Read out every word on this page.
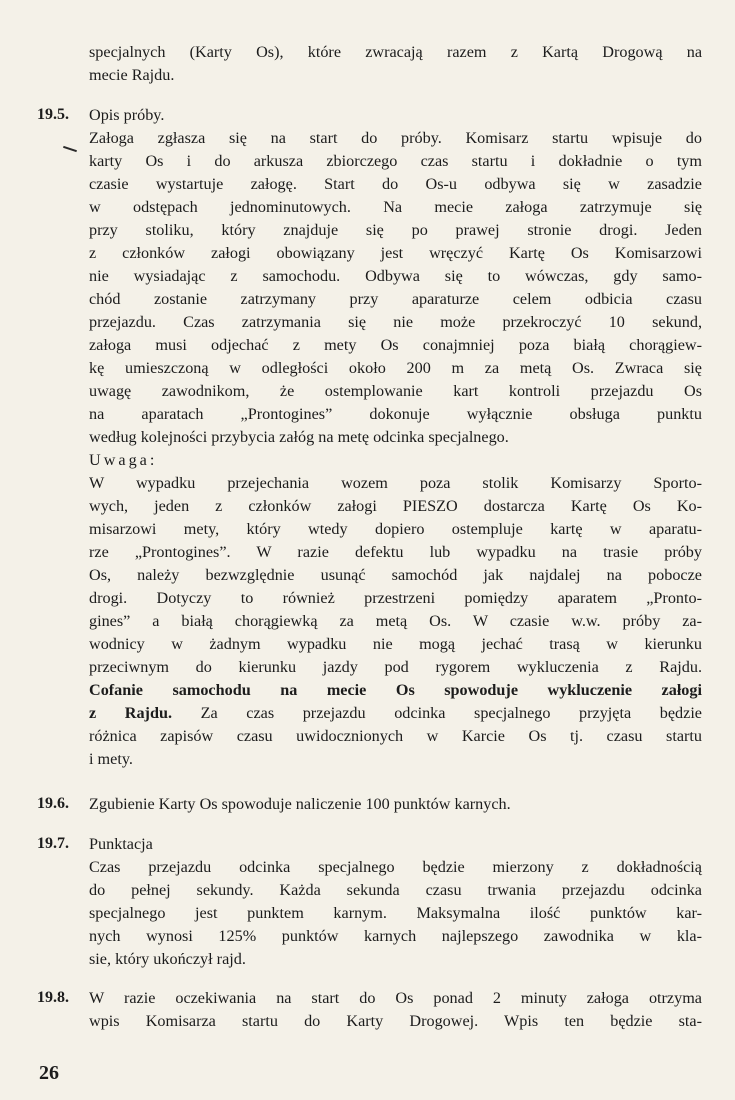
specjalnych (Karty Os), które zwracają razem z Kartą Drogową na
mecie Rajdu.
19.5. Opis próby.
Załoga zgłasza się na start do próby. Komisarz startu wpisuje do
karty Os i do arkusza zbiorczego czas startu i dokładnie o tym
czasie wystartuje załogę. Start do Os-u odbywa się w zasadzie
w odstępach jednominutowych. Na mecie załoga zatrzymuje się
przy stoliku, który znajduje się po prawej stronie drogi. Jeden
z członków załogi obowiązany jest wręczyć Kartę Os Komisarzowi
nie wysiadając z samochodu. Odbywa się to wówczas, gdy samo-
chód zostanie zatrzymany przy aparaturze celem odbicia czasu
przejazdu. Czas zatrzymania się nie może przekroczyć 10 sekund,
załoga musi odjechać z mety Os conajmniej poza białą chorągiew-
kę umieszczoną w odległości około 200 m za metą Os. Zwraca się
uwagę zawodnikom, że ostemplowanie kart kontroli przejazdu Os
na aparatach „Prontogines” dokonuje wyłącznie obsługa punktu
według kolejności przybycia załóg na metę odcinka specjalnego.
Uwaga:
W wypadku przejechania wozem poza stolik Komisarzy Sporto-
wych, jeden z członków załogi PIESZO dostarcza Kartę Os Ko-
misarzowi mety, który wtedy dopiero ostempluje kartę w aparatu-
rze „Prontogines”. W razie defektu lub wypadku na trasie próby
Os, należy bezwzględnie usunąć samochód jak najdalej na pobocze
drogi. Dotyczy to również przestrzeni pomiędzy aparatem „Pronto-
gines” a białą chorągiewką za metą Os. W czasie w.w. próby za-
wodnicy w żadnym wypadku nie mogą jechać trasą w kierunku
przeciwnym do kierunku jazdy pod rygorem wykluczenia z Rajdu.
Cofanie samochodu na mecie Os spowoduje wykluczenie załogi
z Rajdu. Za czas przejazdu odcinka specjalnego przyjęta będzie
różnica zapisów czasu uwidocznionych w Karcie Os tj. czasu startu
i mety.
19.6. Zgubienie Karty Os spowoduje naliczenie 100 punktów karnych.
19.7. Punktacja
Czas przejazdu odcinka specjalnego będzie mierzony z dokładnością
do pełnej sekundy. Każda sekunda czasu trwania przejazdu odcinka
specjalnego jest punktem karnym. Maksymalna ilość punktów kar-
nych wynosi 125% punktów karnych najlepszego zawodnika w kla-
sie, który ukończył rajd.
19.8. W razie oczekiwania na start do Os ponad 2 minuty załoga otrzyma
wpis Komisarza startu do Karty Drogowej. Wpis ten będzie sta-
26
